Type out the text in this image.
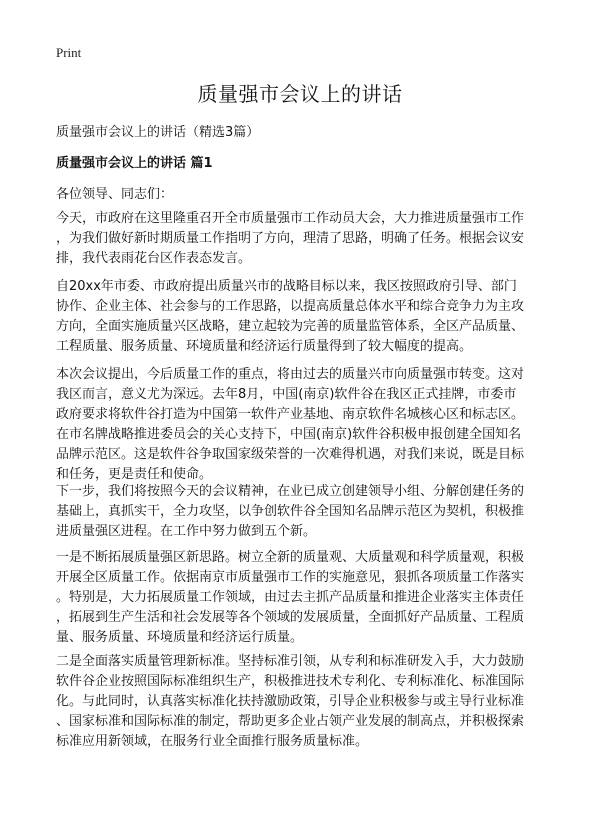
Print
质量强市会议上的讲话
质量强市会议上的讲话（精选3篇）
质量强市会议上的讲话 篇1
各位领导、同志们：

今天，市政府在这里隆重召开全市质量强市工作动员大会，大力推进质量强市工作
，为我们做好新时期质量工作指明了方向，理清了思路，明确了任务。根据会议安
排，我代表雨花台区作表态发言。

自20xx年市委、市政府提出质量兴市的战略目标以来，我区按照政府引导、部门
协作、企业主体、社会参与的工作思路，以提高质量总体水平和综合竞争力为主攻
方向，全面实施质量兴区战略，建立起较为完善的质量监管体系，全区产品质量、
工程质量、服务质量、环境质量和经济运行质量得到了较大幅度的提高。

本次会议提出，今后质量工作的重点，将由过去的质量兴市向质量强市转变。这对
我区而言，意义尤为深远。去年8月，中国(南京)软件谷在我区正式挂牌，市委市
政府要求将软件谷打造为中国第一软件产业基地、南京软件名城核心区和标志区。
在市名牌战略推进委员会的关心支持下，中国(南京)软件谷积极申报创建全国知名
品牌示范区。这是软件谷争取国家级荣誉的一次难得机遇，对我们来说，既是目标
和任务，更是责任和使命。

下一步，我们将按照今天的会议精神，在业已成立创建领导小组、分解创建任务的
基础上，真抓实干，全力攻坚，以争创软件谷全国知名品牌示范区为契机，积极推
进质量强区进程。在工作中努力做到五个新。

一是不断拓展质量强区新思路。树立全新的质量观、大质量观和科学质量观，积极
开展全区质量工作。依据南京市质量强市工作的实施意见，狠抓各项质量工作落实
。特别是，大力拓展质量工作领域，由过去主抓产品质量和推进企业落实主体责任
，拓展到生产生活和社会发展等各个领域的发展质量，全面抓好产品质量、工程质
量、服务质量、环境质量和经济运行质量。

二是全面落实质量管理新标准。坚持标准引领，从专利和标准研发入手，大力鼓励
软件谷企业按照国际标准组织生产，积极推进技术专利化、专利标准化、标准国际
化。与此同时，认真落实标准化扶持激励政策，引导企业积极参与或主导行业标准
、国家标准和国际标准的制定，帮助更多企业占领产业发展的制高点，并积极探索
标准应用新领域，在服务行业全面推行服务质量标准。
